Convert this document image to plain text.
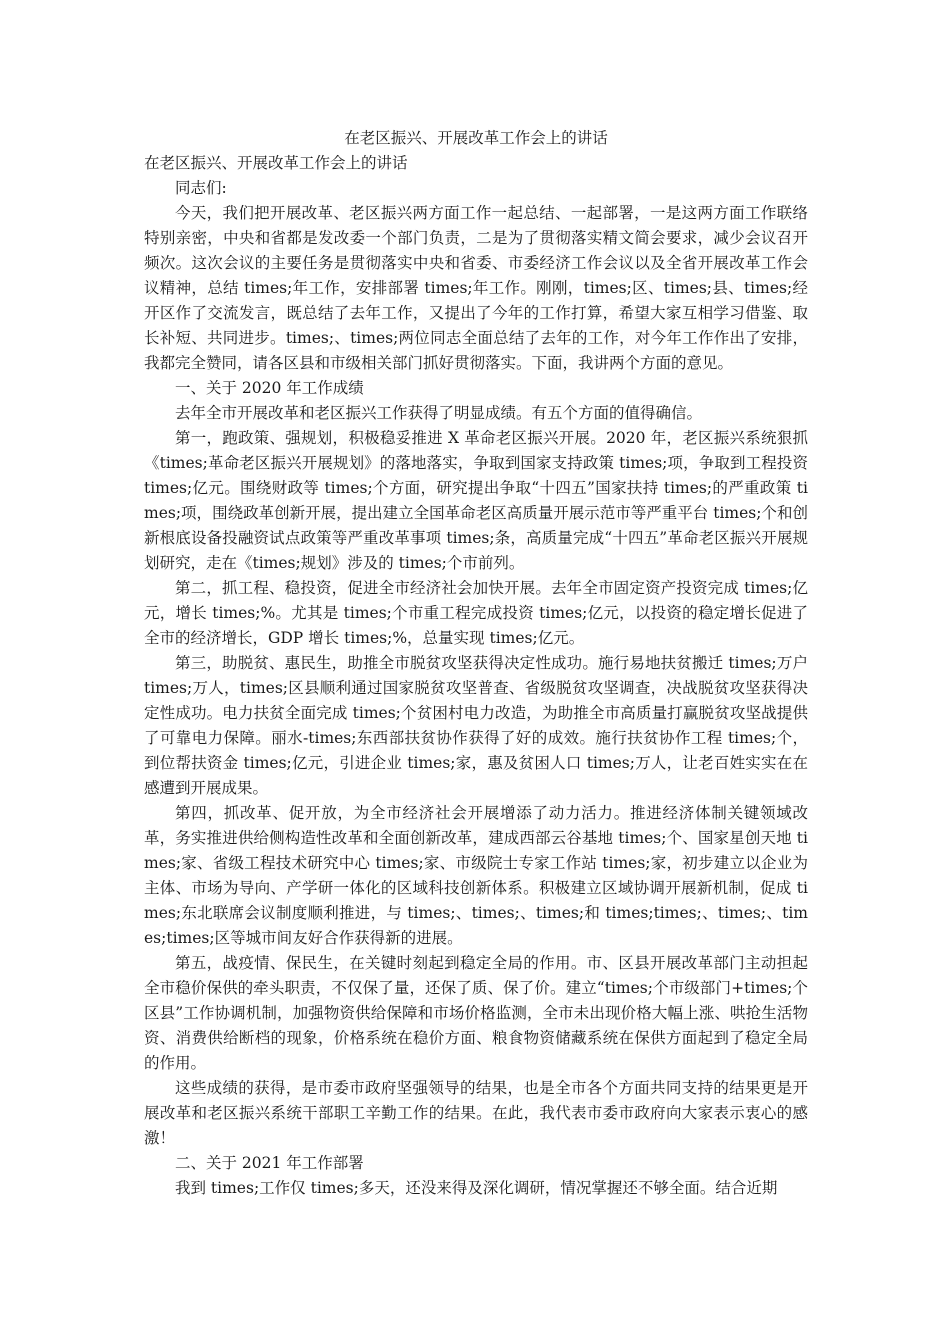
在老区振兴、开展改革工作会上的讲话

在老区振兴、开展改革工作会上的讲话

同志们:

今天，我们把开展改革、老区振兴两方面工作一起总结、一起部署，一是这两方面工作联络特别亲密，中央和省都是发改委一个部门负责，二是为了贯彻落实精文简会要求，减少会议召开频次。这次会议的主要任务是贯彻落实中央和省委、市委经济工作会议以及全省开展改革工作会议精神，总结 times;年工作，安排部署 times;年工作。刚刚，times;区、times;县、times;经开区作了交流发言，既总结了去年工作，又提出了今年的工作打算，希望大家互相学习借鉴、取长补短、共同进步。times;、times;两位同志全面总结了去年的工作，对今年工作作出了安排，我都完全赞同，请各区县和市级相关部门抓好贯彻落实。下面，我讲两个方面的意见。

一、关于 2020 年工作成绩

去年全市开展改革和老区振兴工作获得了明显成绩。有五个方面的值得确信。

第一，跑政策、强规划，积极稳妥推进 X 革命老区振兴开展。2020 年，老区振兴系统狠抓《times;革命老区振兴开展规划》的落地落实，争取到国家支持政策 times;项，争取到工程投资 times;亿元。围绕财政等 times;个方面，研究提出争取“十四五”国家扶持 times;的严重政策 times;项，围绕政革创新开展，提出建立全国革命老区高质量开展示范市等严重平台 times;个和创新根底设备投融资试点政策等严重改革事项 times;条，高质量完成“十四五”革命老区振兴开展规划研究，走在《times;规划》涉及的 times;个市前列。

第二，抓工程、稳投资，促进全市经济社会加快开展。去年全市固定资产投资完成 times;亿元，增长 times;%。尤其是 times;个市重工程完成投资 times;亿元，以投资的稳定增长促进了全市的经济增长，GDP 增长 times;%，总量实现 times;亿元。

第三，助脱贫、惠民生，助推全市脱贫攻坚获得决定性成功。施行易地扶贫搬迁 times;万户 times;万人，times;区县顺利通过国家脱贫攻坚普查、省级脱贫攻坚调查，决战脱贫攻坚获得决定性成功。电力扶贫全面完成 times;个贫困村电力改造，为助推全市高质量打赢脱贫攻坚战提供了可靠电力保障。丽水-times;东西部扶贫协作获得了好的成效。施行扶贫协作工程 times;个，到位帮扶资金 times;亿元，引进企业 times;家，惠及贫困人口 times;万人，让老百姓实实在在感遭到开展成果。

第四，抓改革、促开放，为全市经济社会开展增添了动力活力。推进经济体制关键领域改革，务实推进供给侧构造性改革和全面创新改革，建成西部云谷基地 times;个、国家星创天地 times;家、省级工程技术研究中心 times;家、市级院士专家工作站 times;家，初步建立以企业为主体、市场为导向、产学研一体化的区域科技创新体系。积极建立区域协调开展新机制，促成 times;东北联席会议制度顺利推进，与 times;、times;、times;和 times;times;、times;、times;times;区等城市间友好合作获得新的进展。

第五，战疫情、保民生，在关键时刻起到稳定全局的作用。市、区县开展改革部门主动担起全市稳价保供的牵头职责，不仅保了量，还保了质、保了价。建立“times;个市级部门+times;个区县”工作协调机制，加强物资供给保障和市场价格监测，全市未出现价格大幅上涨、哄抢生活物资、消费供给断档的现象，价格系统在稳价方面、粮食物资储藏系统在保供方面起到了稳定全局的作用。

这些成绩的获得，是市委市政府坚强领导的结果，也是全市各个方面共同支持的结果更是开展改革和老区振兴系统干部职工辛勤工作的结果。在此，我代表市委市政府向大家表示衷心的感激！

二、关于 2021 年工作部署

我到 times;工作仅 times;多天，还没来得及深化调研，情况掌握还不够全面。结合近期
